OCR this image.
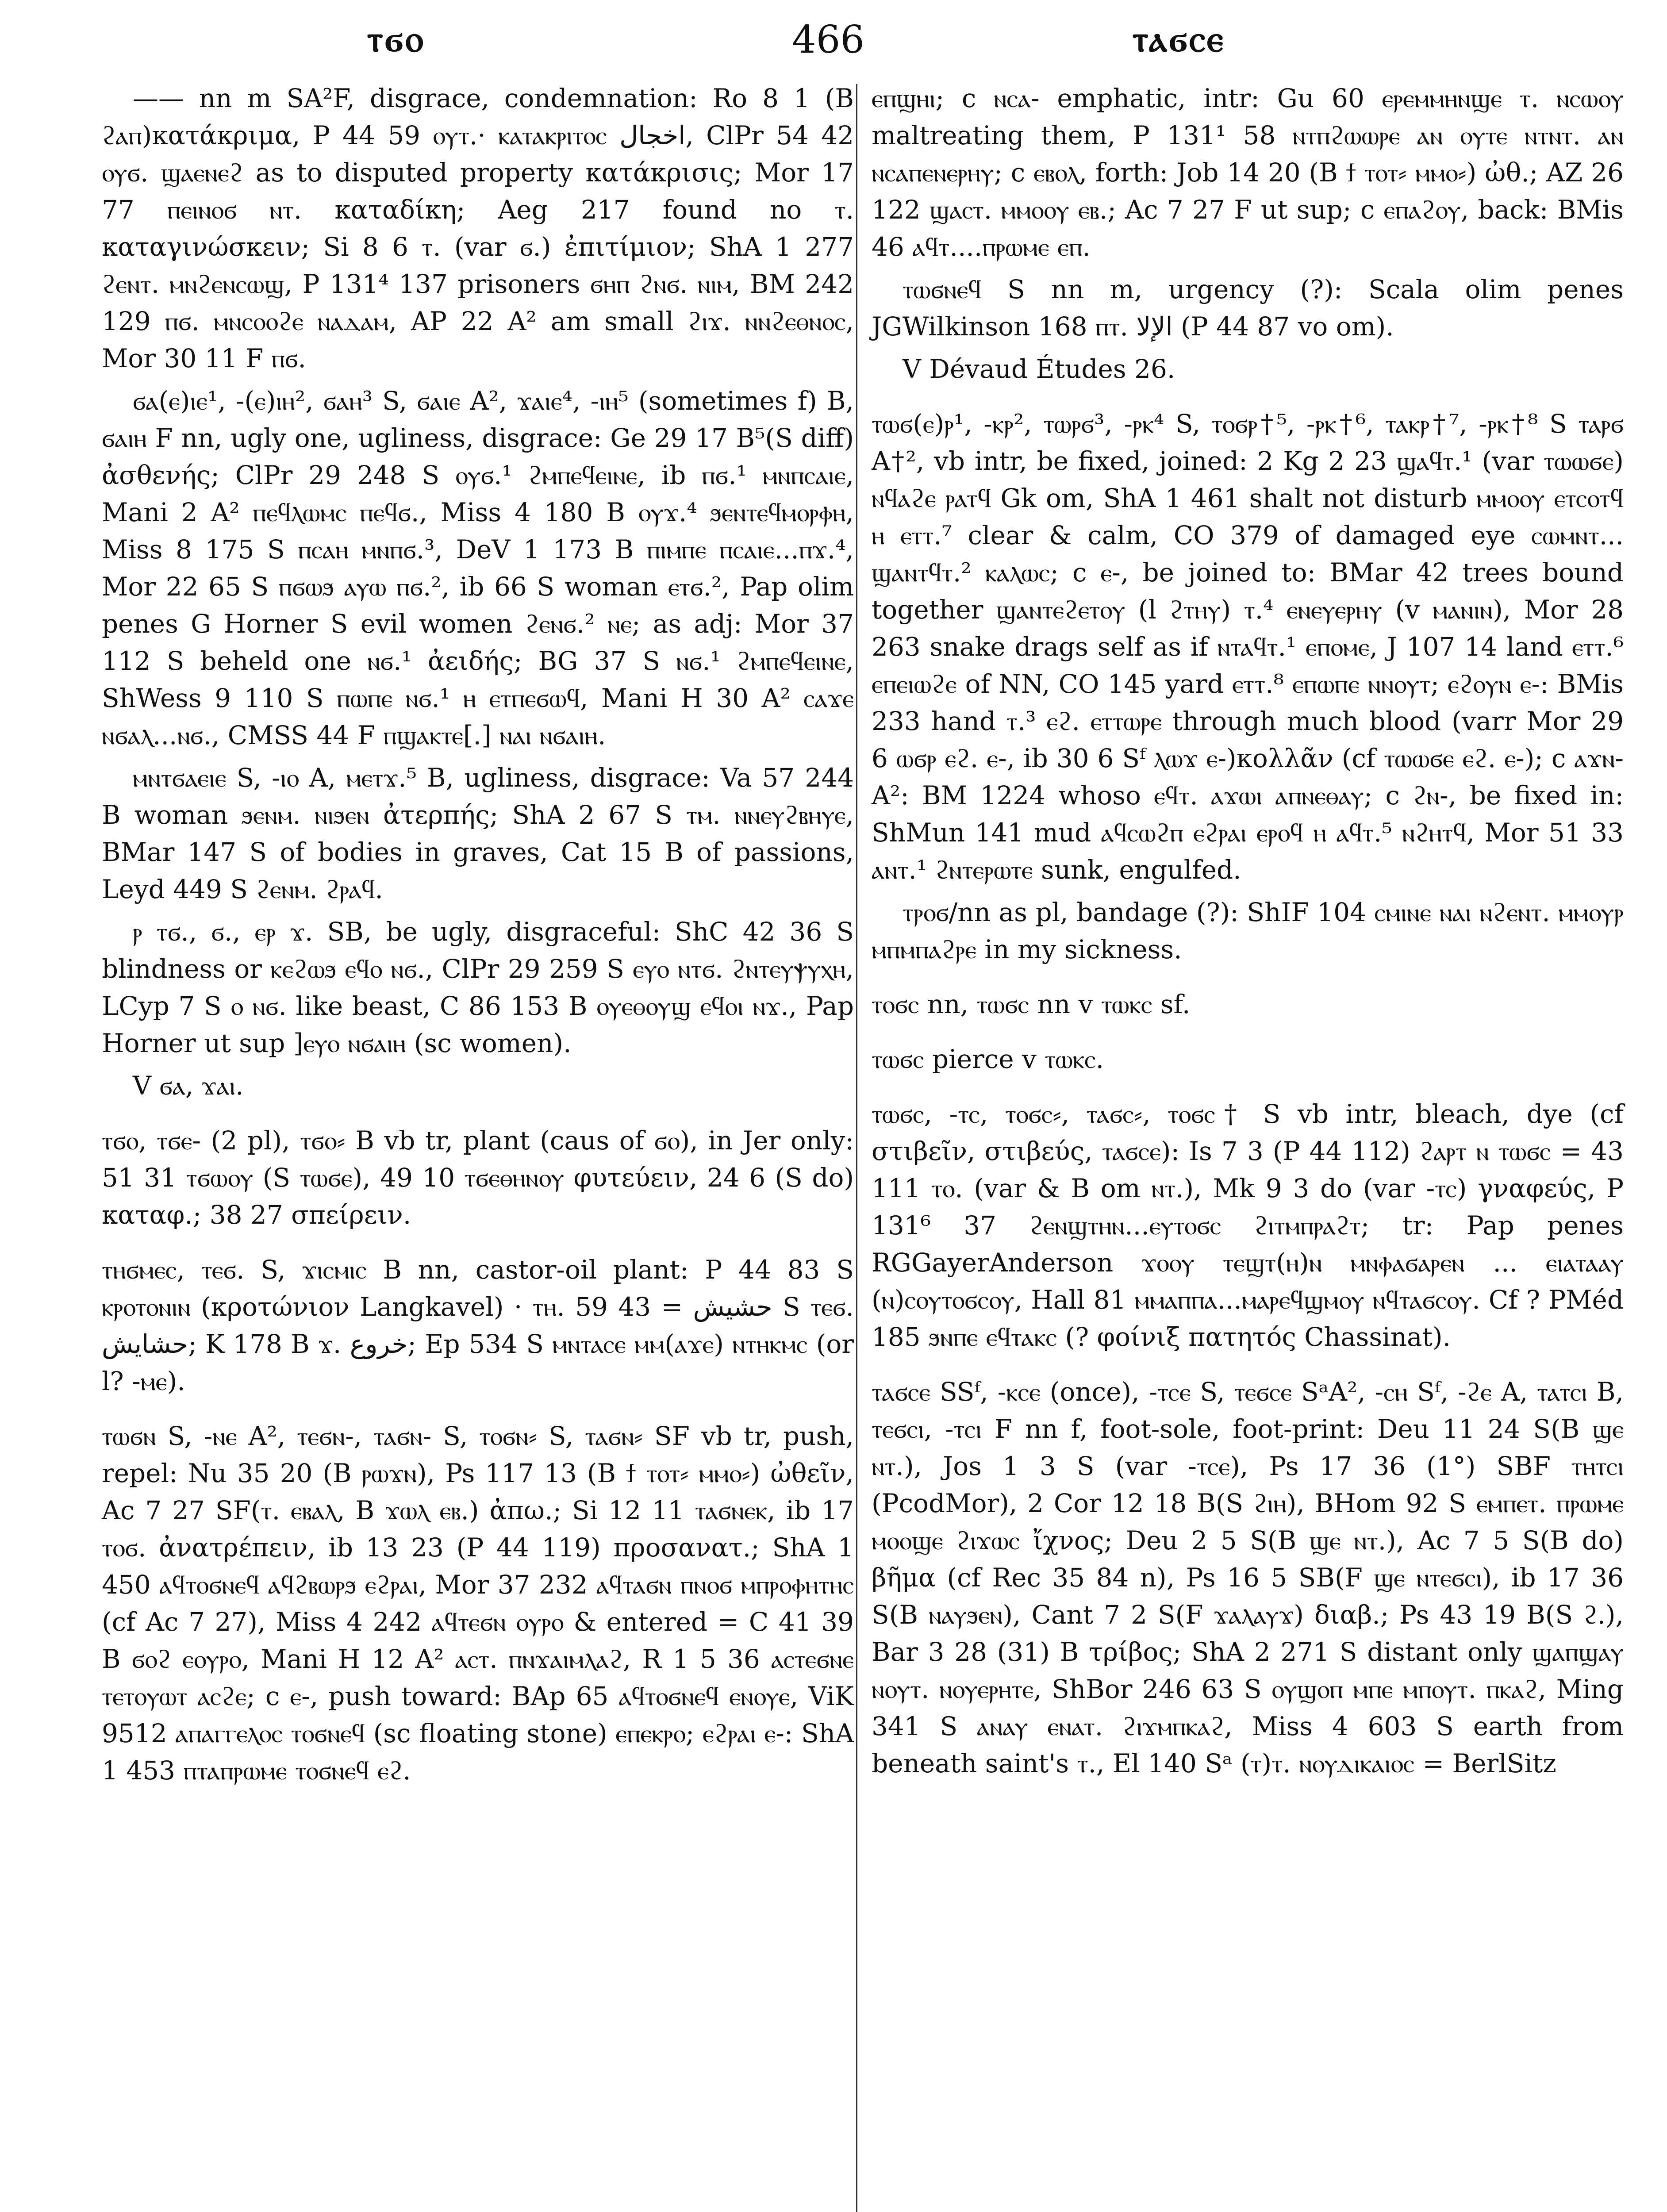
ⲧϭⲟ	466	ⲧⲁϭⲥⲉ

—— nn m SA²F, disgrace, condemnation: Ro 8 1 (B ϩⲁⲡ)κατάκριμα, P 44 59 ⲟⲩⲧ.· ⲕⲁⲧⲁⲕⲣⲓⲧⲟⲥ اخجال, ClPr 54 42 ⲟⲩϭ. ϣⲁⲉⲛⲉϩ as to disputed property κατάκρισις; Mor 17 77 ⲡⲉⲓⲛⲟϭ ⲛⲧ. καταδίκη; Aeg 217 found no ⲧ. καταγινώσκειν; Si 8 6 ⲧ. (var ϭ.) ἐπιτίμιον; ShA 1 277 ϩⲉⲛⲧ. ⲙⲛϩⲉⲛⲥⲱϣ, P 131⁴ 137 prisoners ϭⲏⲡ ϩⲛϭ. ⲛⲓⲙ, BM 242 129 ⲡϭ. ⲙⲛⲥⲟⲟϩⲉ ⲛⲁⲇⲁⲙ, AP 22 A² am small ϩⲓϫ. ⲛⲛϩⲉⲑⲛⲟⲥ, Mor 30 11 F ⲡϭ.

ϭⲁ(ⲉ)ⲓⲉ¹, -(ⲉ)ⲓⲏ², ϭⲁⲏ³ S, ϭⲁⲓⲉ A², ϫⲁⲓⲉ⁴, -ⲓⲏ⁵ (sometimes f) B, ϭⲁⲓⲏ F nn, ugly one, ugliness, disgrace: Ge 29 17 B⁵(S diff) ἀσθενής; ClPr 29 248 S ⲟⲩϭ.¹ ϩⲙⲡⲉϥⲉⲓⲛⲉ, ib ⲡϭ.¹ ⲙⲛⲡⲥⲁⲓⲉ, Mani 2 A² ⲡⲉϥⲗⲱⲙⲥ ⲡⲉϥϭ., Miss 4 180 B ⲟⲩϫ.⁴ ϧⲉⲛⲧⲉϥⲙⲟⲣⲫⲏ, Miss 8 175 S ⲡⲥⲁⲏ ⲙⲛⲡϭ.³, DeV 1 173 B ⲡⲓⲙⲡⲉ ⲡⲥⲁⲓⲉ...ⲡϫ.⁴, Mor 22 65 S ⲡϭⲱϧ ⲁⲩⲱ ⲡϭ.², ib 66 S woman ⲉⲧϭ.², Pap olim penes G Horner S evil women ϩⲉⲛϭ.² ⲛⲉ; as adj: Mor 37 112 S beheld one ⲛϭ.¹ ἀειδής; BG 37 S ⲛϭ.¹ ϩⲙⲡⲉϥⲉⲓⲛⲉ, ShWess 9 110 S ⲡⲱⲡⲉ ⲛϭ.¹ ⲏ ⲉⲧⲡⲉϭⲱϥ, Mani H 30 A² ⲥⲁϫⲉ ⲛϭⲁⲗ...ⲛϭ., CMSS 44 F ⲡϣⲁⲕⲧⲉ[.] ⲛⲁⲓ ⲛϭⲁⲓⲏ.

ⲙⲛⲧϭⲁⲉⲓⲉ S, -ⲓⲟ A, ⲙⲉⲧϫ.⁵ B, ugliness, disgrace: Va 57 244 B woman ϧⲉⲛⲙ. ⲛⲓϧⲉⲛ ἀτερπής; ShA 2 67 S ⲧⲙ. ⲛⲛⲉⲩϩⲃⲏⲩⲉ, BMar 147 S of bodies in graves, Cat 15 B of passions, Leyd 449 S ϩⲉⲛⲙ. ϩⲣⲁϥ.

ⲣ ⲧϭ., ϭ., ⲉⲣ ϫ. SB, be ugly, disgraceful: ShC 42 36 S blindness or ⲕⲉϩⲱϧ ⲉϥⲟ ⲛϭ., ClPr 29 259 S ⲉⲩⲟ ⲛⲧϭ. ϩⲛⲧⲉⲩⲯⲩⲭⲏ, LCyp 7 S ⲟ ⲛϭ. like beast, C 86 153 B ⲟⲩⲉⲑⲟⲩϣ ⲉϥⲟⲓ ⲛϫ., Pap Horner ut sup ]ⲉⲩⲟ ⲛϭⲁⲓⲏ (sc women).

V ϭⲁ, ϫⲁⲓ.

ⲧϭⲟ, ⲧϭⲉ- (2 pl), ⲧϭⲟ⸗ B vb tr, plant (caus of ϭⲟ), in Jer only: 51 31 ⲧϭⲱⲟⲩ (S ⲧⲱϭⲉ), 49 10 ⲧϭⲉⲑⲏⲛⲟⲩ φυτεύειν, 24 6 (S do) καταφ.; 38 27 σπείρειν.

ⲧⲏϭⲙⲉⲥ, ⲧⲉϭ. S, ϫⲓⲥⲙⲓⲥ B nn, castor-oil plant: P 44 83 S ⲕⲣⲟⲧⲟⲛⲓⲛ (κροτώνιον Langkavel) · ⲧⲏ. حشيش = 43 59 S ⲧⲉϭ. حشايش; K 178 B ϫ. خروع; Ep 534 S ⲙⲛⲧⲁⲥⲉ ⲙⲙ(ⲁϫⲉ) ⲛⲧⲏⲕⲙⲥ (or l? -ⲙⲉ).

ⲧⲱϭⲛ S, -ⲛⲉ A², ⲧⲉϭⲛ-, ⲧⲁϭⲛ- S, ⲧⲟϭⲛ⸗ S, ⲧⲁϭⲛ⸗ SF vb tr, push, repel: Nu 35 20 (B ⲣⲱϫⲛ), Ps 117 13 (B ϯ ⲧⲟⲧ⸗ ⲙⲙⲟ⸗) ὠθεῖν, Ac 7 27 SF(ⲧ. ⲉⲃⲁⲗ, B ϫⲱⲗ ⲉⲃ.) ἀπω.; Si 12 11 ⲧⲁϭⲛⲉⲕ, ib 17 ⲧⲟϭ. ἀνατρέπειν, ib 13 23 (P 44 119) προσανατ.; ShA 1 450 ⲁϥⲧⲟϭⲛⲉϥ ⲁϥϩⲃⲱⲣϧ ⲉϩⲣⲁⲓ, Mor 37 232 ⲁϥⲧⲁϭⲛ ⲡⲛⲟϭ ⲙⲡⲣⲟⲫⲏⲧⲏⲥ (cf Ac 7 27), Miss 4 242 ⲁϥⲧⲉϭⲛ ⲟⲩⲣⲟ & entered = C 41 39 B ϭⲟϩ ⲉⲟⲩⲣⲟ, Mani H 12 A² ⲁⲥⲧ. ⲡⲛϫⲁⲓⲙⲗⲁϩ, R 1 5 36 ⲁⲥⲧⲉϭⲛⲉ ⲧⲉⲧⲟⲩⲱⲧ ⲁⲥϩⲉ; c ⲉ-, push toward: BAp 65 ⲁϥⲧⲟϭⲛⲉϥ ⲉⲛⲟⲩⲉ, ViK 9512 ⲁⲡⲁⲅⲅⲉⲗⲟⲥ ⲧⲟϭⲛⲉϥ (sc floating stone) ⲉⲡⲉⲕⲣⲟ; ⲉϩⲣⲁⲓ ⲉ-: ShA 1 453 ⲡⲧⲁⲡⲣⲱⲙⲉ ⲧⲟϭⲛⲉϥ ⲉϩ.

ⲉⲡϣⲏⲓ; c ⲛⲥⲁ- emphatic, intr: Gu 60 ⲉⲣⲉⲙⲙⲏⲛϣⲉ ⲧ. ⲛⲥⲱⲟⲩ maltreating them, P 131¹ 58 ⲛⲧⲡϩⲱⲱⲣⲉ ⲁⲛ ⲟⲩⲧⲉ ⲛⲧⲛⲧ. ⲁⲛ ⲛⲥⲁⲡⲉⲛⲉⲣⲏⲩ; c ⲉⲃⲟⲗ, forth: Job 14 20 (B ϯ ⲧⲟⲧ⸗ ⲙⲙⲟ⸗) ὠθ.; AZ 26 122 ϣⲁⲥⲧ. ⲙⲙⲟⲟⲩ ⲉⲃ.; Ac 7 27 F ut sup; c ⲉⲡⲁϩⲟⲩ, back: BMis 46 ⲁϥⲧ....ⲡⲣⲱⲙⲉ ⲉⲡ.

ⲧⲱϭⲛⲉϥ S nn m, urgency (?): Scala olim penes JGWilkinson 168 ⲡⲧ. الإلا (P 44 87 vo om).

V Dévaud Études 26.

ⲧⲱϭ(ⲉ)ⲣ¹, -ⲕⲣ², ⲧⲱⲣϭ³, -ⲣⲕ⁴ S, ⲧⲟϭⲣ†⁵, -ⲣⲕ†⁶, ⲧⲁⲕⲣ†⁷, -ⲣⲕ†⁸ S ⲧⲁⲣϭ A†², vb intr, be fixed, joined: 2 Kg 2 23 ϣⲁϥⲧ.¹ (var ⲧⲱⲱϭⲉ) ⲛϥⲁϩⲉ ⲣⲁⲧϥ Gk om, ShA 1 461 shalt not disturb ⲙⲙⲟⲟⲩ ⲉⲧⲥⲟⲧϥ ⲏ ⲉⲧⲧ.⁷ clear & calm, CO 379 of damaged eye ⲥⲱⲙⲛⲧ... ϣⲁⲛⲧϥⲧ.² ⲕⲁⲗⲱⲥ; c ⲉ-, be joined to: BMar 42 trees bound together ϣⲁⲛⲧⲉϩⲉⲧⲟⲩ (l ϩⲧⲏⲩ) ⲧ.⁴ ⲉⲛⲉⲩⲉⲣⲏⲩ (v ⲙⲁⲛⲓⲛ), Mor 28 263 snake drags self as if ⲛⲧⲁϥⲧ.¹ ⲉⲡⲟⲙⲉ, J 107 14 land ⲉⲧⲧ.⁶ ⲉⲡⲉⲓⲱϩⲉ of NN, CO 145 yard ⲉⲧⲧ.⁸ ⲉⲡⲱⲡⲉ ⲛⲛⲟⲩⲧ; ⲉϩⲟⲩⲛ ⲉ-: BMis 233 hand ⲧ.³ ⲉϩ. ⲉⲧⲧⲱⲣⲉ through much blood (varr Mor 29 6 ⲱϭⲣ ⲉϩ. ⲉ-, ib 30 6 Sᶠ ⲗⲱϫ ⲉ-)κολλᾶν (cf ⲧⲱⲱϭⲉ ⲉϩ. ⲉ-); c ⲁϫⲛ- A²: BM 1224 whoso ⲉϥⲧ. ⲁϫⲱⲓ ⲁⲡⲛⲉⲑⲁⲩ; c ϩⲛ-, be fixed in: ShMun 141 mud ⲁϥⲥⲱϩⲡ ⲉϩⲣⲁⲓ ⲉⲣⲟϥ ⲏ ⲁϥⲧ.⁵ ⲛϩⲏⲧϥ, Mor 51 33 ⲁⲛⲧ.¹ ϩⲛⲧⲉⲣⲱⲧⲉ sunk, engulfed.

ⲧⲣⲟϭ/nn as pl, bandage (?): ShIF 104 ⲥⲙⲓⲛⲉ ⲛⲁⲓ ⲛϩⲉⲛⲧ. ⲙⲙⲟⲩⲣ ⲙⲡⲙⲡⲁϩⲣⲉ in my sickness.

ⲧⲟϭⲥ nn, ⲧⲱϭⲥ nn v ⲧⲱⲕⲥ sf.

ⲧⲱϭⲥ pierce v ⲧⲱⲕⲥ.

ⲧⲱϭⲥ, -ⲧⲥ, ⲧⲟϭⲥ⸗, ⲧⲁϭⲥ⸗, ⲧⲟϭⲥ† S vb intr, bleach, dye (cf στιβεῖν, στιβεύς, ⲧⲁϭⲥⲉ): Is 7 3 (P 44 112) ϩⲁⲣⲧ ⲛ ⲧⲱϭⲥ = 43 111 ⲧⲟ. (var & B om ⲛⲧ.), Mk 9 3 do (var -ⲧⲥ) γναφεύς, P 131⁶ 37 ϩⲉⲛϣⲧⲏⲛ...ⲉⲩⲧⲟϭⲥ ϩⲓⲧⲙⲡⲣⲁϩⲧ; tr: Pap penes RGGayerAnderson ϫⲟⲟⲩ ⲧⲉϣⲧ(ⲏ)ⲛ ⲙⲛⲫⲁϭⲁⲣⲉⲛ ... ⲉⲓⲁⲧⲁⲁⲩ (ⲛ)ⲥⲟⲩⲧⲟϭⲥⲟⲩ, Hall 81 ⲙⲙⲁⲡⲡⲁ...ⲙⲁⲣⲉϥϣⲙⲟⲩ ⲛϥⲧⲁϭⲥⲟⲩ. Cf ? PMéd 185 ϧⲛⲡⲉ ⲉϥⲧⲁⲕⲥ (? φοίνιξ πατητός Chassinat).

ⲧⲁϭⲥⲉ SSᶠ, -ⲕⲥⲉ (once), -ⲧⲥⲉ S, ⲧⲉϭⲥⲉ SᵃA², -ⲥⲏ Sᶠ, -ϩⲉ A, ⲧⲁⲧⲥⲓ B, ⲧⲉϭⲥⲓ, -ⲧⲥⲓ F nn f, foot-sole, foot-print: Deu 11 24 S(B ϣⲉ ⲛⲧ.), Jos 1 3 S (var -ⲧⲥⲉ), Ps 17 36 (1°) SBF ⲧⲏⲧⲥⲓ (PcodMor), 2 Cor 12 18 B(S ϩⲓⲏ), BHom 92 S ⲉⲙⲡⲉⲧ. ⲡⲣⲱⲙⲉ ⲙⲟⲟϣⲉ ϩⲓϫⲱⲥ ἴχνος; Deu 2 5 S(B ϣⲉ ⲛⲧ.), Ac 7 5 S(B do) βῆμα (cf Rec 35 84 n), Ps 16 5 SB(F ϣⲉ ⲛⲧⲉϭⲥⲓ), ib 17 36 S(B ⲛⲁⲩϧⲉⲛ), Cant 7 2 S(F ϫⲁⲗⲁⲩϫ) διαβ.; Ps 43 19 B(S ϩ.), Bar 3 28 (31) B τρίβος; ShA 2 271 S distant only ϣⲁⲡϣⲁⲩ ⲛⲟⲩⲧ. ⲛⲟⲩⲉⲣⲏⲧⲉ, ShBor 246 63 S ⲟⲩϣⲟⲡ ⲙⲡⲉ ⲙⲡⲟⲩⲧ. ⲡⲕⲁϩ, Ming 341 S ⲁⲛⲁⲩ ⲉⲛⲁⲧ. ϩⲓϫⲙⲡⲕⲁϩ, Miss 4 603 S earth from beneath saint's ⲧ., El 140 Sᵃ (ⲧ)ⲧ. ⲛⲟⲩⲇⲓⲕⲁⲓⲟⲥ = BerlSitz
